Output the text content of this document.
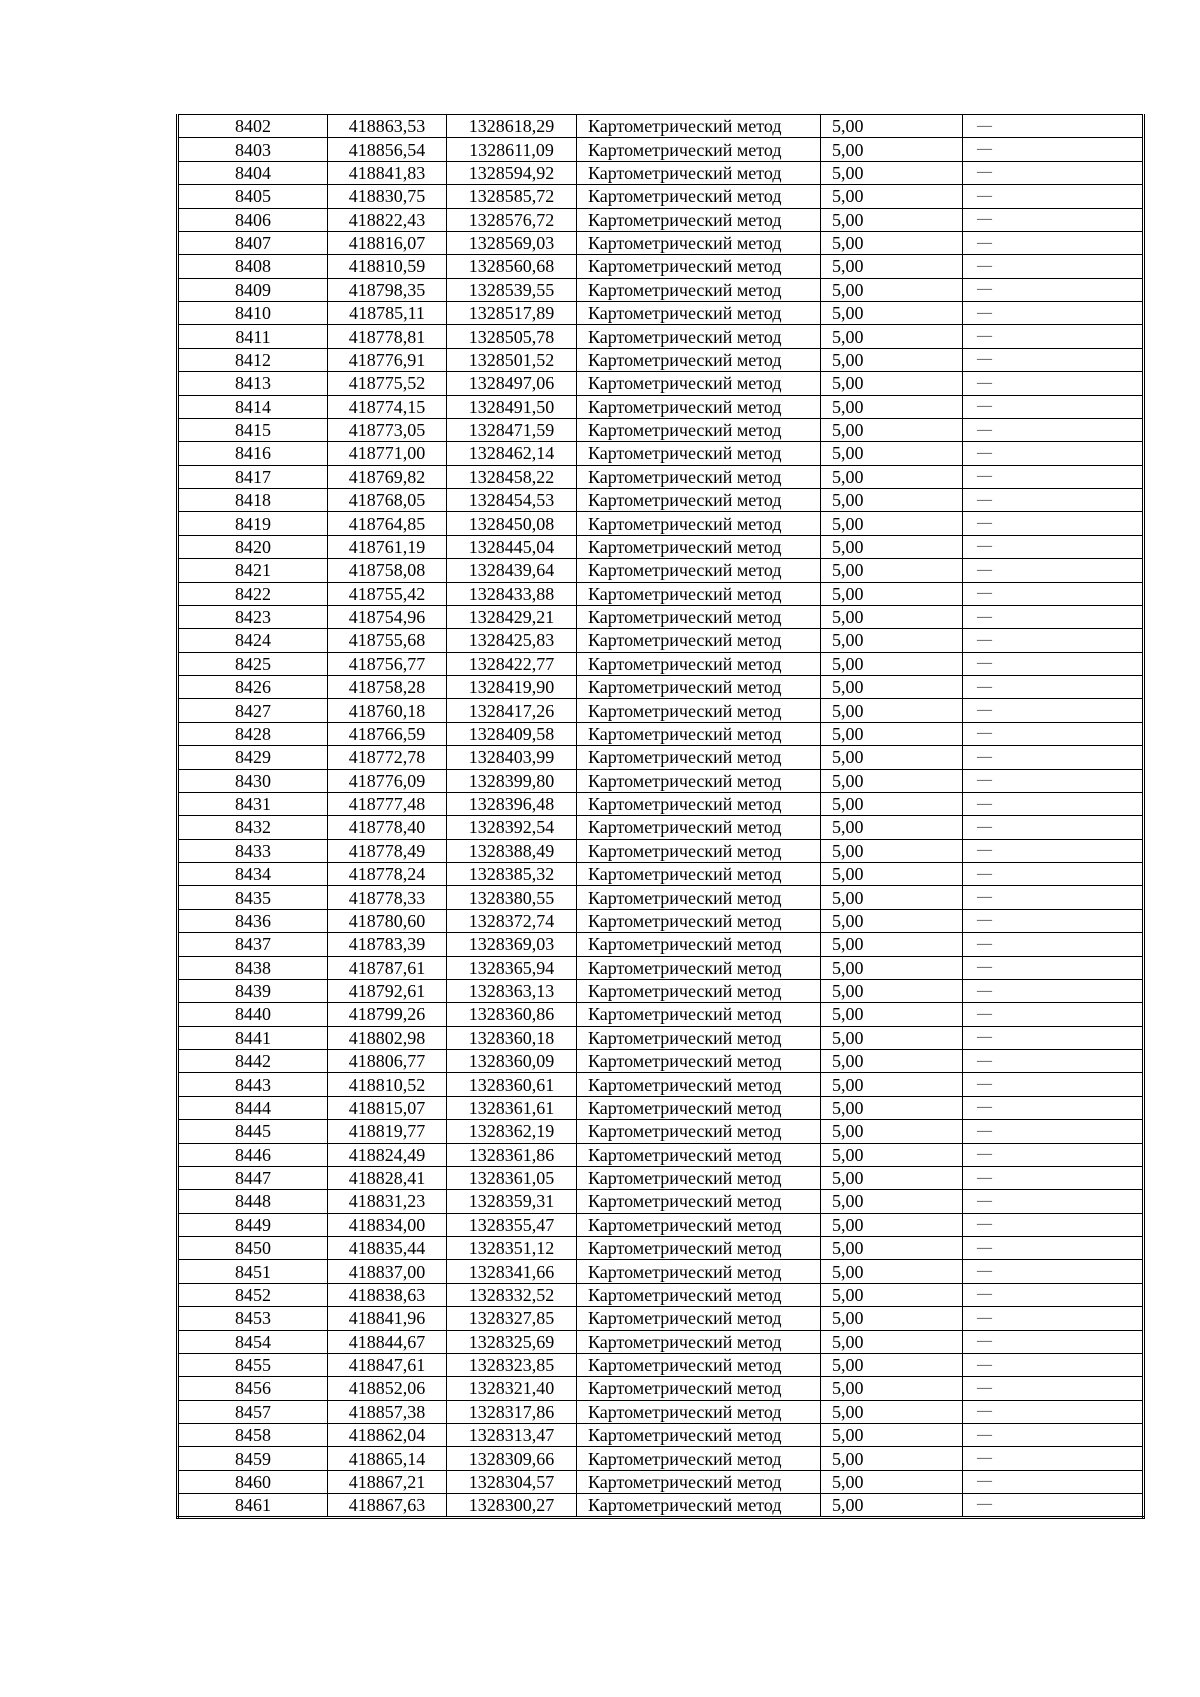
8402	418863,53	1328618,29	Картометрический метод	5,00	—
8403	418856,54	1328611,09	Картометрический метод	5,00	—
8404	418841,83	1328594,92	Картометрический метод	5,00	—
8405	418830,75	1328585,72	Картометрический метод	5,00	—
8406	418822,43	1328576,72	Картометрический метод	5,00	—
8407	418816,07	1328569,03	Картометрический метод	5,00	—
8408	418810,59	1328560,68	Картометрический метод	5,00	—
8409	418798,35	1328539,55	Картометрический метод	5,00	—
8410	418785,11	1328517,89	Картометрический метод	5,00	—
8411	418778,81	1328505,78	Картометрический метод	5,00	—
8412	418776,91	1328501,52	Картометрический метод	5,00	—
8413	418775,52	1328497,06	Картометрический метод	5,00	—
8414	418774,15	1328491,50	Картометрический метод	5,00	—
8415	418773,05	1328471,59	Картометрический метод	5,00	—
8416	418771,00	1328462,14	Картометрический метод	5,00	—
8417	418769,82	1328458,22	Картометрический метод	5,00	—
8418	418768,05	1328454,53	Картометрический метод	5,00	—
8419	418764,85	1328450,08	Картометрический метод	5,00	—
8420	418761,19	1328445,04	Картометрический метод	5,00	—
8421	418758,08	1328439,64	Картометрический метод	5,00	—
8422	418755,42	1328433,88	Картометрический метод	5,00	—
8423	418754,96	1328429,21	Картометрический метод	5,00	—
8424	418755,68	1328425,83	Картометрический метод	5,00	—
8425	418756,77	1328422,77	Картометрический метод	5,00	—
8426	418758,28	1328419,90	Картометрический метод	5,00	—
8427	418760,18	1328417,26	Картометрический метод	5,00	—
8428	418766,59	1328409,58	Картометрический метод	5,00	—
8429	418772,78	1328403,99	Картометрический метод	5,00	—
8430	418776,09	1328399,80	Картометрический метод	5,00	—
8431	418777,48	1328396,48	Картометрический метод	5,00	—
8432	418778,40	1328392,54	Картометрический метод	5,00	—
8433	418778,49	1328388,49	Картометрический метод	5,00	—
8434	418778,24	1328385,32	Картометрический метод	5,00	—
8435	418778,33	1328380,55	Картометрический метод	5,00	—
8436	418780,60	1328372,74	Картометрический метод	5,00	—
8437	418783,39	1328369,03	Картометрический метод	5,00	—
8438	418787,61	1328365,94	Картометрический метод	5,00	—
8439	418792,61	1328363,13	Картометрический метод	5,00	—
8440	418799,26	1328360,86	Картометрический метод	5,00	—
8441	418802,98	1328360,18	Картометрический метод	5,00	—
8442	418806,77	1328360,09	Картометрический метод	5,00	—
8443	418810,52	1328360,61	Картометрический метод	5,00	—
8444	418815,07	1328361,61	Картометрический метод	5,00	—
8445	418819,77	1328362,19	Картометрический метод	5,00	—
8446	418824,49	1328361,86	Картометрический метод	5,00	—
8447	418828,41	1328361,05	Картометрический метод	5,00	—
8448	418831,23	1328359,31	Картометрический метод	5,00	—
8449	418834,00	1328355,47	Картометрический метод	5,00	—
8450	418835,44	1328351,12	Картометрический метод	5,00	—
8451	418837,00	1328341,66	Картометрический метод	5,00	—
8452	418838,63	1328332,52	Картометрический метод	5,00	—
8453	418841,96	1328327,85	Картометрический метод	5,00	—
8454	418844,67	1328325,69	Картометрический метод	5,00	—
8455	418847,61	1328323,85	Картометрический метод	5,00	—
8456	418852,06	1328321,40	Картометрический метод	5,00	—
8457	418857,38	1328317,86	Картометрический метод	5,00	—
8458	418862,04	1328313,47	Картометрический метод	5,00	—
8459	418865,14	1328309,66	Картометрический метод	5,00	—
8460	418867,21	1328304,57	Картометрический метод	5,00	—
8461	418867,63	1328300,27	Картометрический метод	5,00	—
